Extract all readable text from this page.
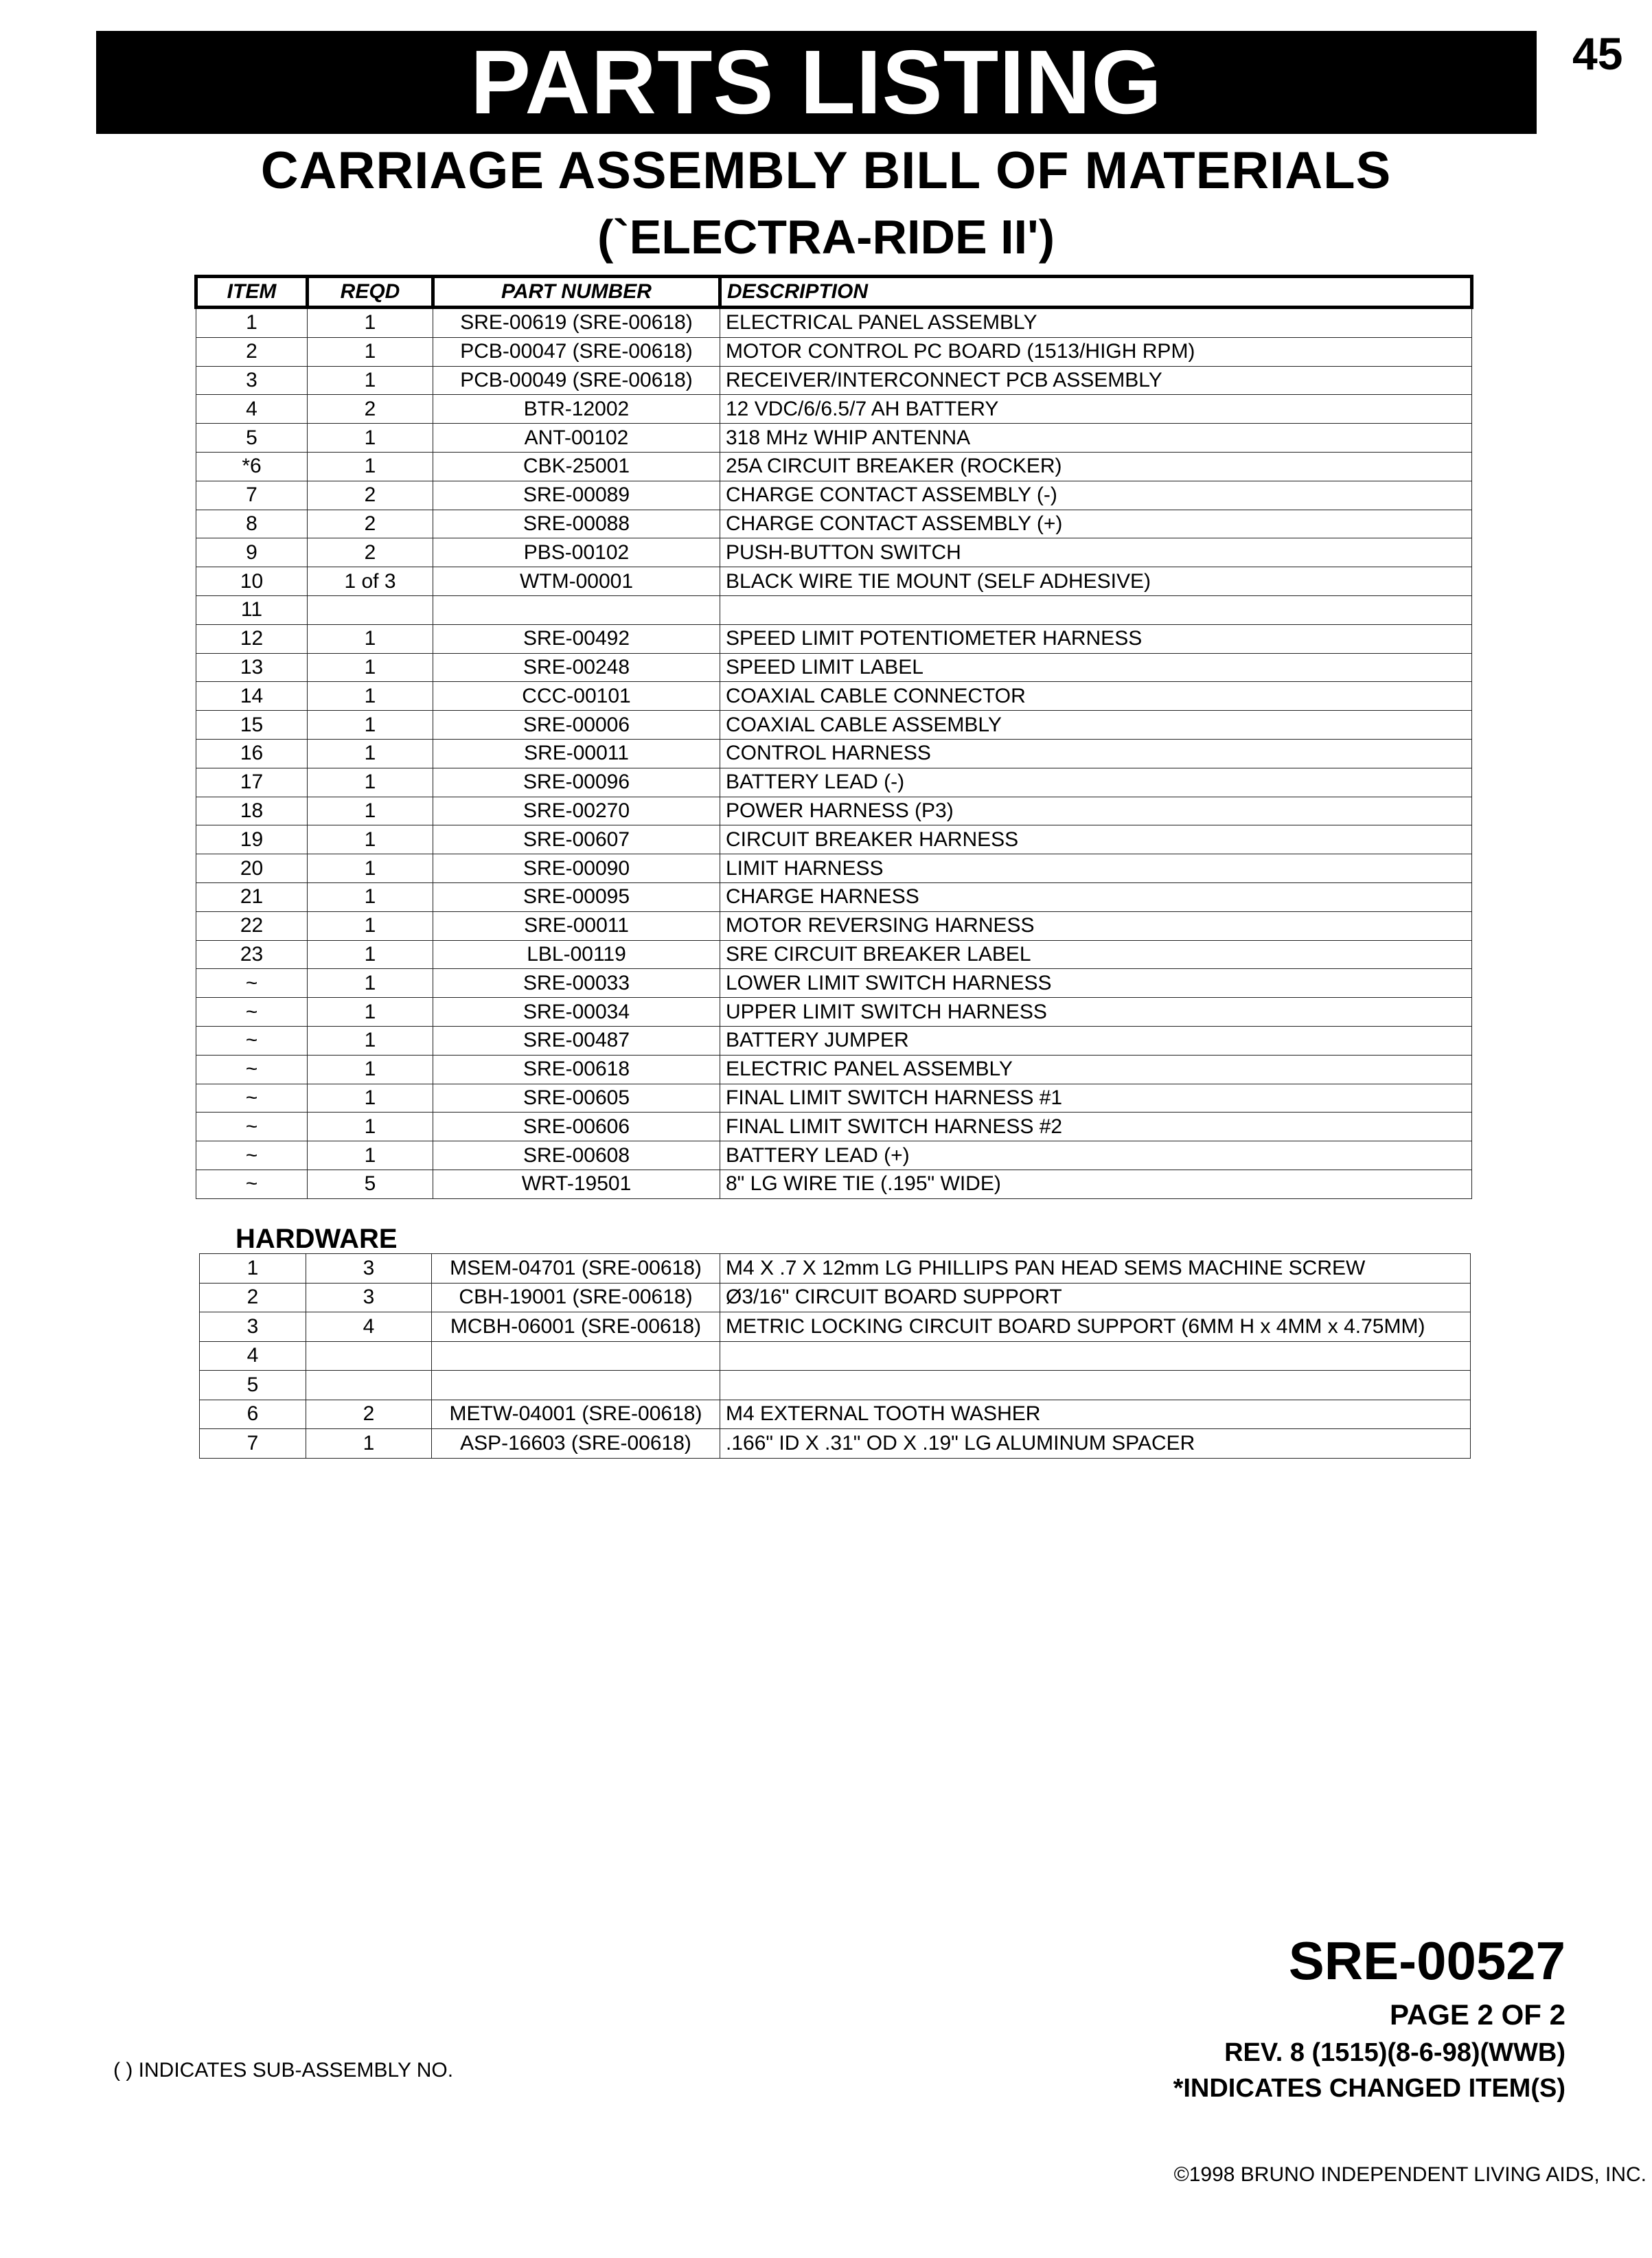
PARTS LISTING	45
CARRIAGE ASSEMBLY BILL OF MATERIALS
(`ELECTRA-RIDE II')
ITEM	REQD	PART NUMBER	DESCRIPTION
1	1	SRE-00619 (SRE-00618)	ELECTRICAL PANEL ASSEMBLY
2	1	PCB-00047 (SRE-00618)	MOTOR CONTROL PC BOARD (1513/HIGH RPM)
3	1	PCB-00049 (SRE-00618)	RECEIVER/INTERCONNECT PCB ASSEMBLY
4	2	BTR-12002	12 VDC/6/6.5/7 AH BATTERY
5	1	ANT-00102	318 MHz WHIP ANTENNA
*6	1	CBK-25001	25A CIRCUIT BREAKER (ROCKER)
7	2	SRE-00089	CHARGE CONTACT ASSEMBLY (-)
8	2	SRE-00088	CHARGE CONTACT ASSEMBLY (+)
9	2	PBS-00102	PUSH-BUTTON SWITCH
10	1 of 3	WTM-00001	BLACK WIRE TIE MOUNT (SELF ADHESIVE)
11			
12	1	SRE-00492	SPEED LIMIT POTENTIOMETER HARNESS
13	1	SRE-00248	SPEED LIMIT LABEL
14	1	CCC-00101	COAXIAL CABLE CONNECTOR
15	1	SRE-00006	COAXIAL CABLE ASSEMBLY
16	1	SRE-00011	CONTROL HARNESS
17	1	SRE-00096	BATTERY LEAD (-)
18	1	SRE-00270	POWER HARNESS (P3)
19	1	SRE-00607	CIRCUIT BREAKER HARNESS
20	1	SRE-00090	LIMIT HARNESS
21	1	SRE-00095	CHARGE HARNESS
22	1	SRE-00011	MOTOR REVERSING HARNESS
23	1	LBL-00119	SRE CIRCUIT BREAKER LABEL
~	1	SRE-00033	LOWER LIMIT SWITCH HARNESS
~	1	SRE-00034	UPPER LIMIT SWITCH HARNESS
~	1	SRE-00487	BATTERY JUMPER
~	1	SRE-00618	ELECTRIC PANEL ASSEMBLY
~	1	SRE-00605	FINAL LIMIT SWITCH HARNESS #1
~	1	SRE-00606	FINAL LIMIT SWITCH HARNESS #2
~	1	SRE-00608	BATTERY LEAD (+)
~	5	WRT-19501	8" LG WIRE TIE (.195" WIDE)
HARDWARE
1	3	MSEM-04701 (SRE-00618)	M4 X .7 X 12mm LG PHILLIPS PAN HEAD SEMS MACHINE SCREW
2	3	CBH-19001 (SRE-00618)	Ø3/16" CIRCUIT BOARD SUPPORT
3	4	MCBH-06001 (SRE-00618)	METRIC LOCKING CIRCUIT BOARD SUPPORT (6MM H x 4MM x 4.75MM)
4			
5			
6	2	METW-04001 (SRE-00618)	M4 EXTERNAL TOOTH WASHER
7	1	ASP-16603 (SRE-00618)	.166" ID X .31" OD X .19" LG ALUMINUM SPACER
SRE-00527
PAGE 2 OF 2
REV. 8 (1515)(8-6-98)(WWB)
*INDICATES CHANGED ITEM(S)
( ) INDICATES SUB-ASSEMBLY NO.
©1998 BRUNO INDEPENDENT LIVING AIDS, INC.
